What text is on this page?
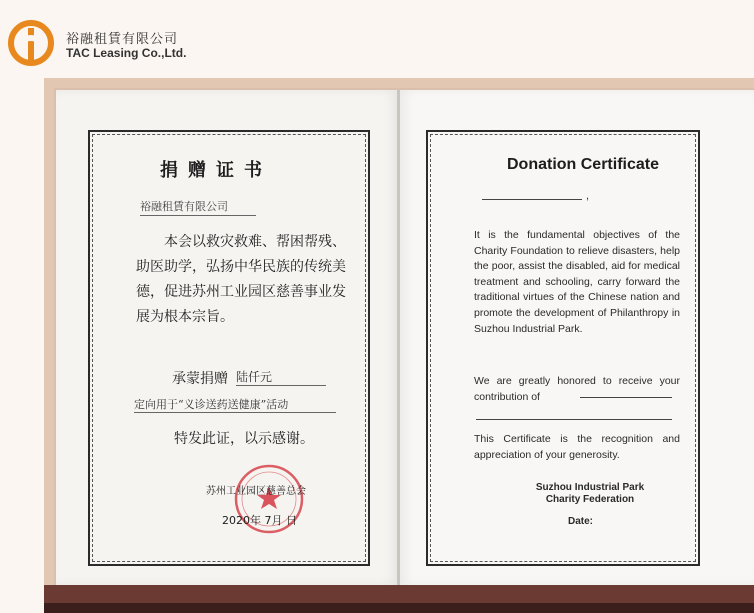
裕融租賃有限公司
TAC Leasing Co.,Ltd.
捐赠证书
裕融租賃有限公司
本会以救灾救难、帮困帮残、助医助学，弘扬中华民族的传统美德，促进苏州工业园区慈善事业发展为根本宗旨。
承蒙捐赠 陆仟元
定向用于“义诊送药送健康”活动
特发此证，以示感谢。
苏州工业园区慈善总会
2020年 7月 日
Donation Certificate
,
It is the fundamental objectives of the Charity Foundation to relieve disasters, help the poor, assist the disabled, aid for medical treatment and schooling, carry forward the traditional virtues of the Chinese nation and promote the development of Philanthropy in Suzhou Industrial Park.
We are greatly honored to receive your contribution of
This Certificate is the recognition and appreciation of your generosity.
Suzhou Industrial Park
Charity Federation
Date:
